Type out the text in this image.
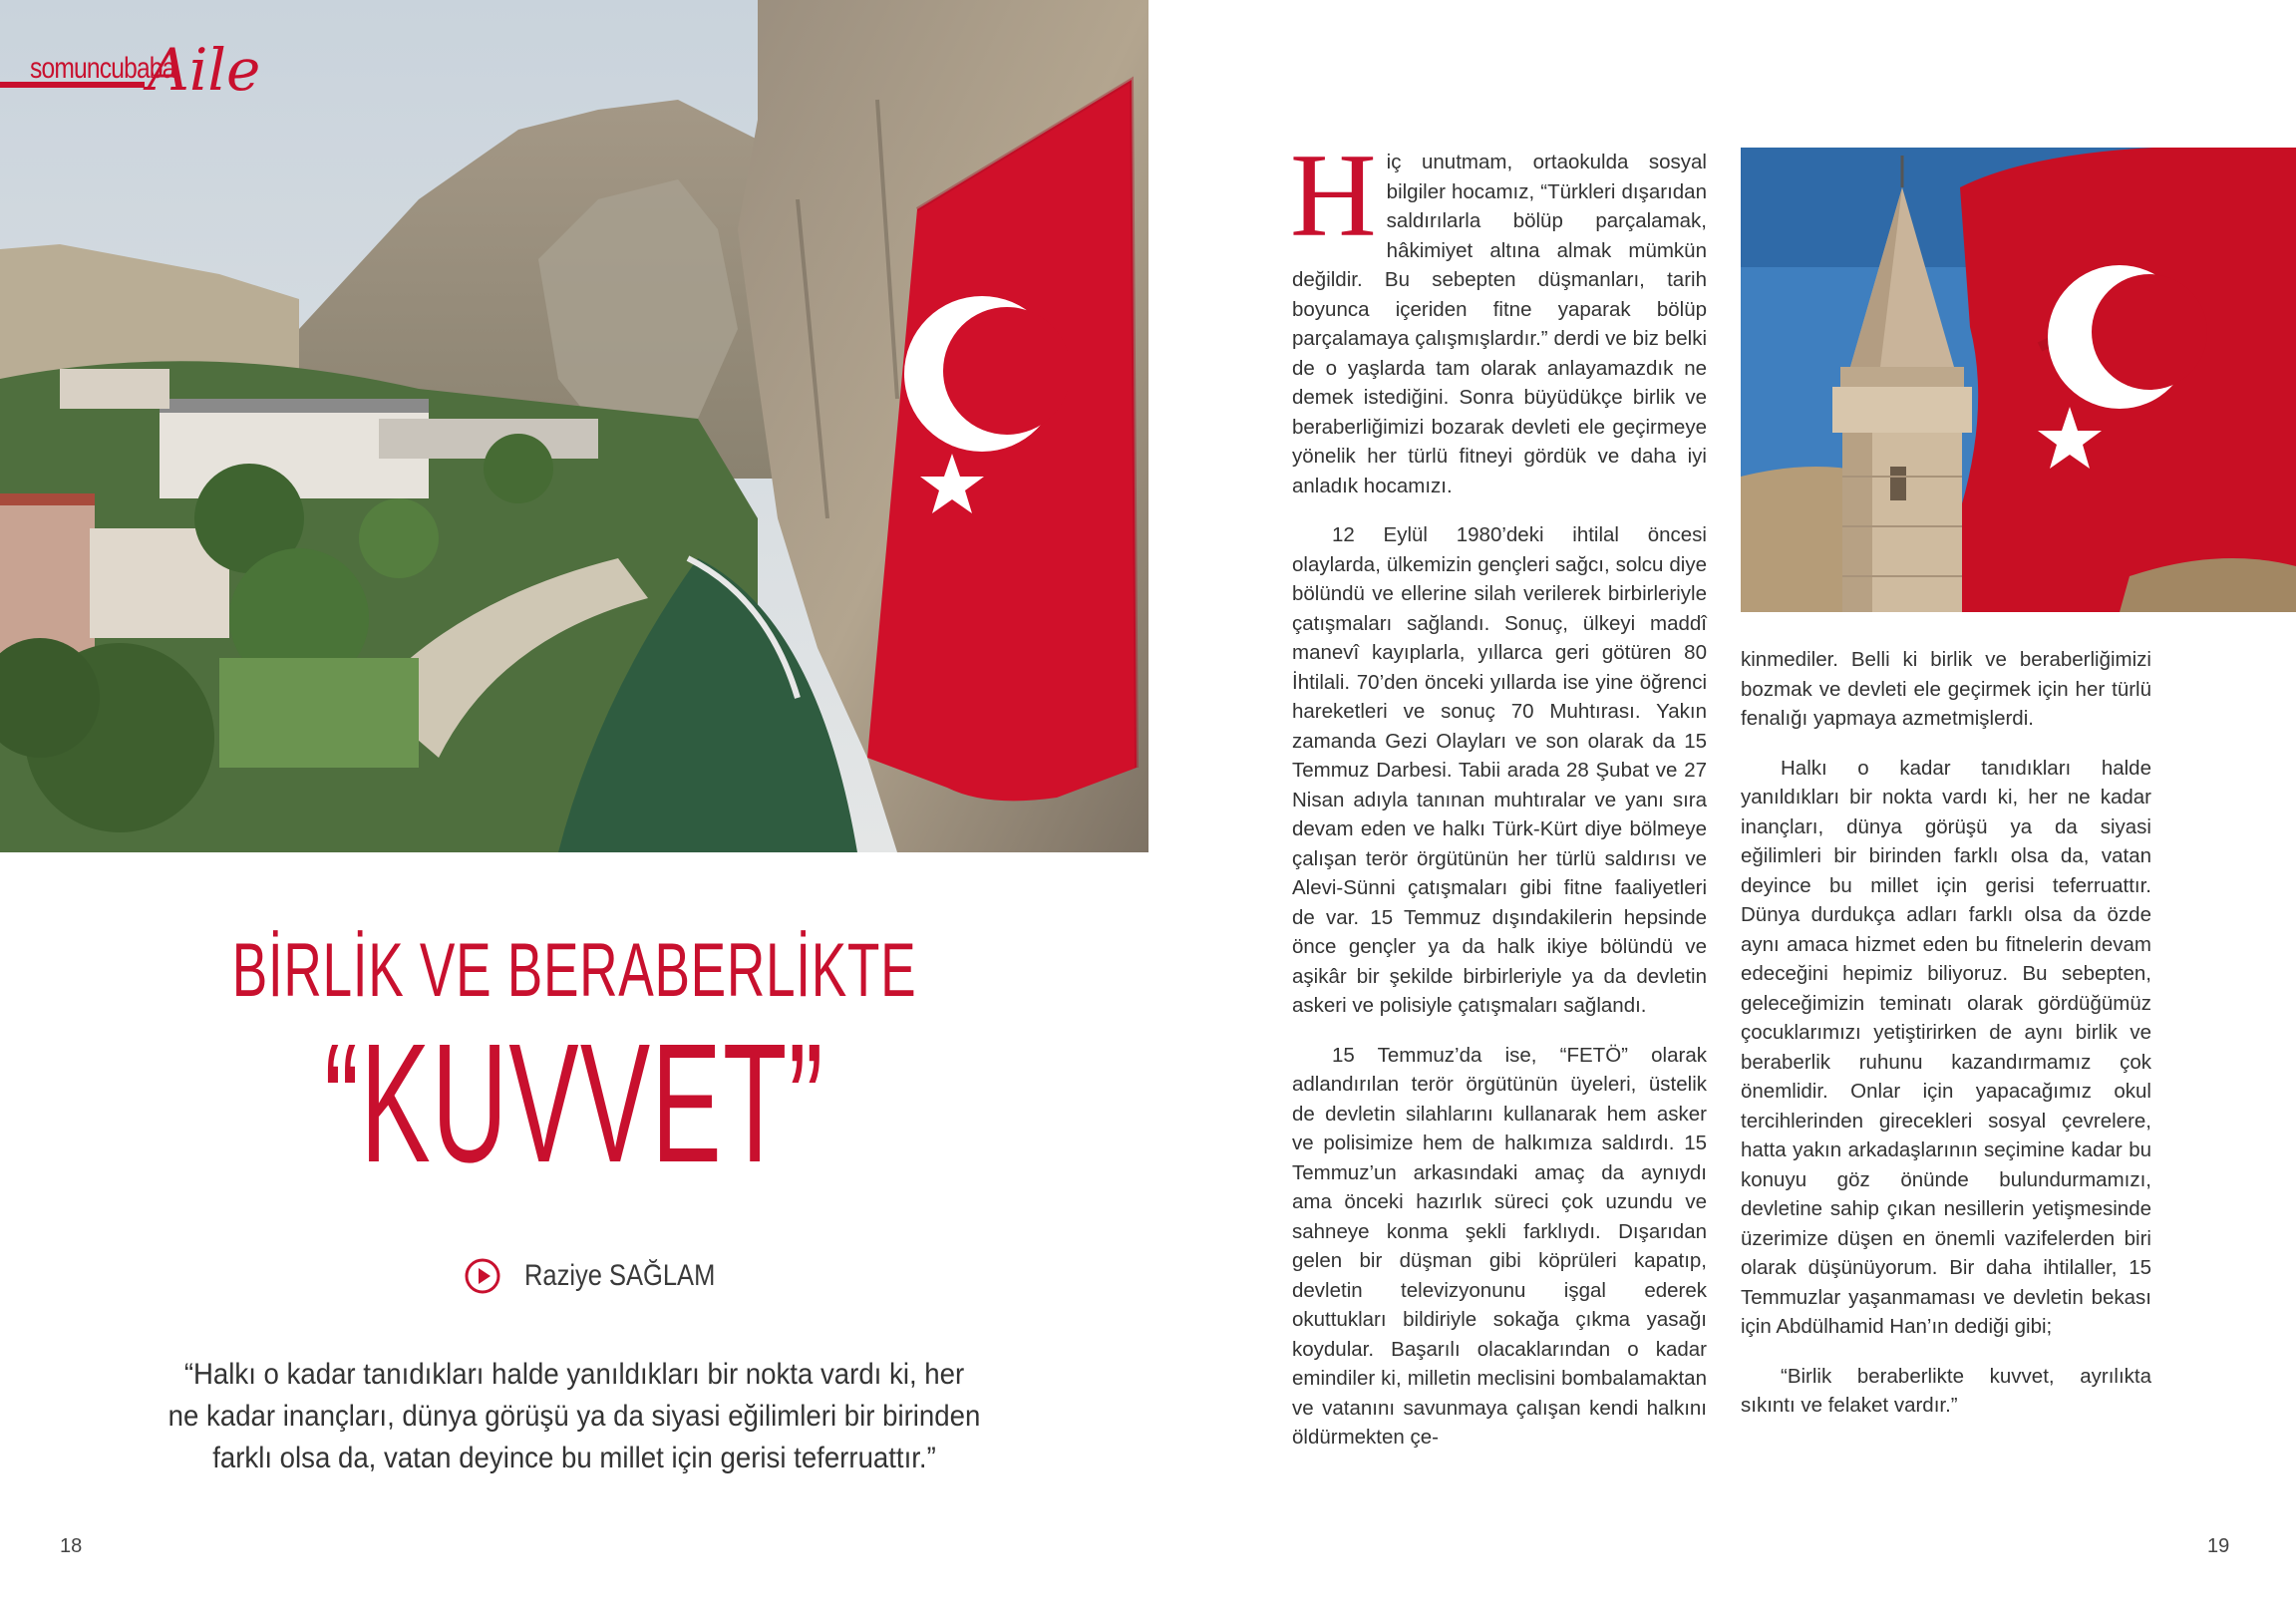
somuncubaba
Aile
BİRLİK VE BERABERLİKTE
“KUVVET”
Raziye SAĞLAM
“Halkı o kadar tanıdıkları halde yanıldıkları bir nokta vardı ki, her ne kadar inançları, dünya görüşü ya da siyasi eğilimleri bir birinden farklı olsa da, vatan deyince bu millet için gerisi teferruattır.”

Hiç unutmam, ortaokulda sosyal bilgiler hocamız, “Türkleri dışarıdan saldırılarla bölüp parçalamak, hâkimiyet altına almak mümkün değildir. Bu sebepten düşmanları, tarih boyunca içeriden fitne yaparak bölüp parçalamaya çalışmışlardır.” derdi ve biz belki de o yaşlarda tam olarak anlayamazdık ne demek istediğini. Sonra büyüdükçe birlik ve beraberliğimizi bozarak devleti ele geçirmeye yönelik her türlü fitneyi gördük ve daha iyi anladık hocamızı.

12 Eylül 1980’deki ihtilal öncesi olaylarda, ülkemizin gençleri sağcı, solcu diye bölündü ve ellerine silah verilerek birbirleriyle çatışmaları sağlandı. Sonuç, ülkeyi maddî manevî kayıplarla, yıllarca geri götüren 80 İhtilali. 70’den önceki yıllarda ise yine öğrenci hareketleri ve sonuç 70 Muhtırası. Yakın zamanda Gezi Olayları ve son olarak da 15 Temmuz Darbesi. Tabii arada 28 Şubat ve 27 Nisan adıyla tanınan muhtıralar ve yanı sıra devam eden ve halkı Türk-Kürt diye bölmeye çalışan terör örgütünün her türlü saldırısı ve Alevi-Sünni çatışmaları gibi fitne faaliyetleri de var. 15 Temmuz dışındakilerin hepsinde önce gençler ya da halk ikiye bölündü ve aşikâr bir şekilde birbirleriyle ya da devletin askeri ve polisiyle çatışmaları sağlandı.

15 Temmuz’da ise, “FETÖ” olarak adlandırılan terör örgütünün üyeleri, üstelik de devletin silahlarını kullanarak hem asker ve polisimize hem de halkımıza saldırdı. 15 Temmuz’un arkasındaki amaç da aynıydı ama önceki hazırlık süreci çok uzundu ve sahneye konma şekli farklıydı. Dışarıdan gelen bir düşman gibi köprüleri kapatıp, devletin televizyonunu işgal ederek okuttukları bildiriyle sokağa çıkma yasağı koydular. Başarılı olacaklarından o kadar emindiler ki, milletin meclisini bombalamaktan ve vatanını savunmaya çalışan kendi halkını öldürmekten çe-

kinmediler. Belli ki birlik ve beraberliğimizi bozmak ve devleti ele geçirmek için her türlü fenalığı yapmaya azmetmişlerdi.

Halkı o kadar tanıdıkları halde yanıldıkları bir nokta vardı ki, her ne kadar inançları, dünya görüşü ya da siyasi eğilimleri bir birinden farklı olsa da, vatan deyince bu millet için gerisi teferruattır. Dünya durdukça adları farklı olsa da özde aynı amaca hizmet eden bu fitnelerin devam edeceğini hepimiz biliyoruz. Bu sebepten, geleceğimizin teminatı olarak gördüğümüz çocuklarımızı yetiştirirken de aynı birlik ve beraberlik ruhunu kazandırmamız çok önemlidir. Onlar için yapacağımız okul tercihlerinden girecekleri sosyal çevrelere, hatta yakın arkadaşlarının seçimine kadar bu konuyu göz önünde bulundurmamızı, devletine sahip çıkan nesillerin yetişmesinde üzerimize düşen en önemli vazifelerden biri olarak düşünüyorum. Bir daha ihtilaller, 15 Temmuzlar yaşanmaması ve devletin bekası için Abdülhamid Han’ın dediği gibi;

“Birlik beraberlikte kuvvet, ayrılıkta sıkıntı ve felaket vardır.”

18	19
